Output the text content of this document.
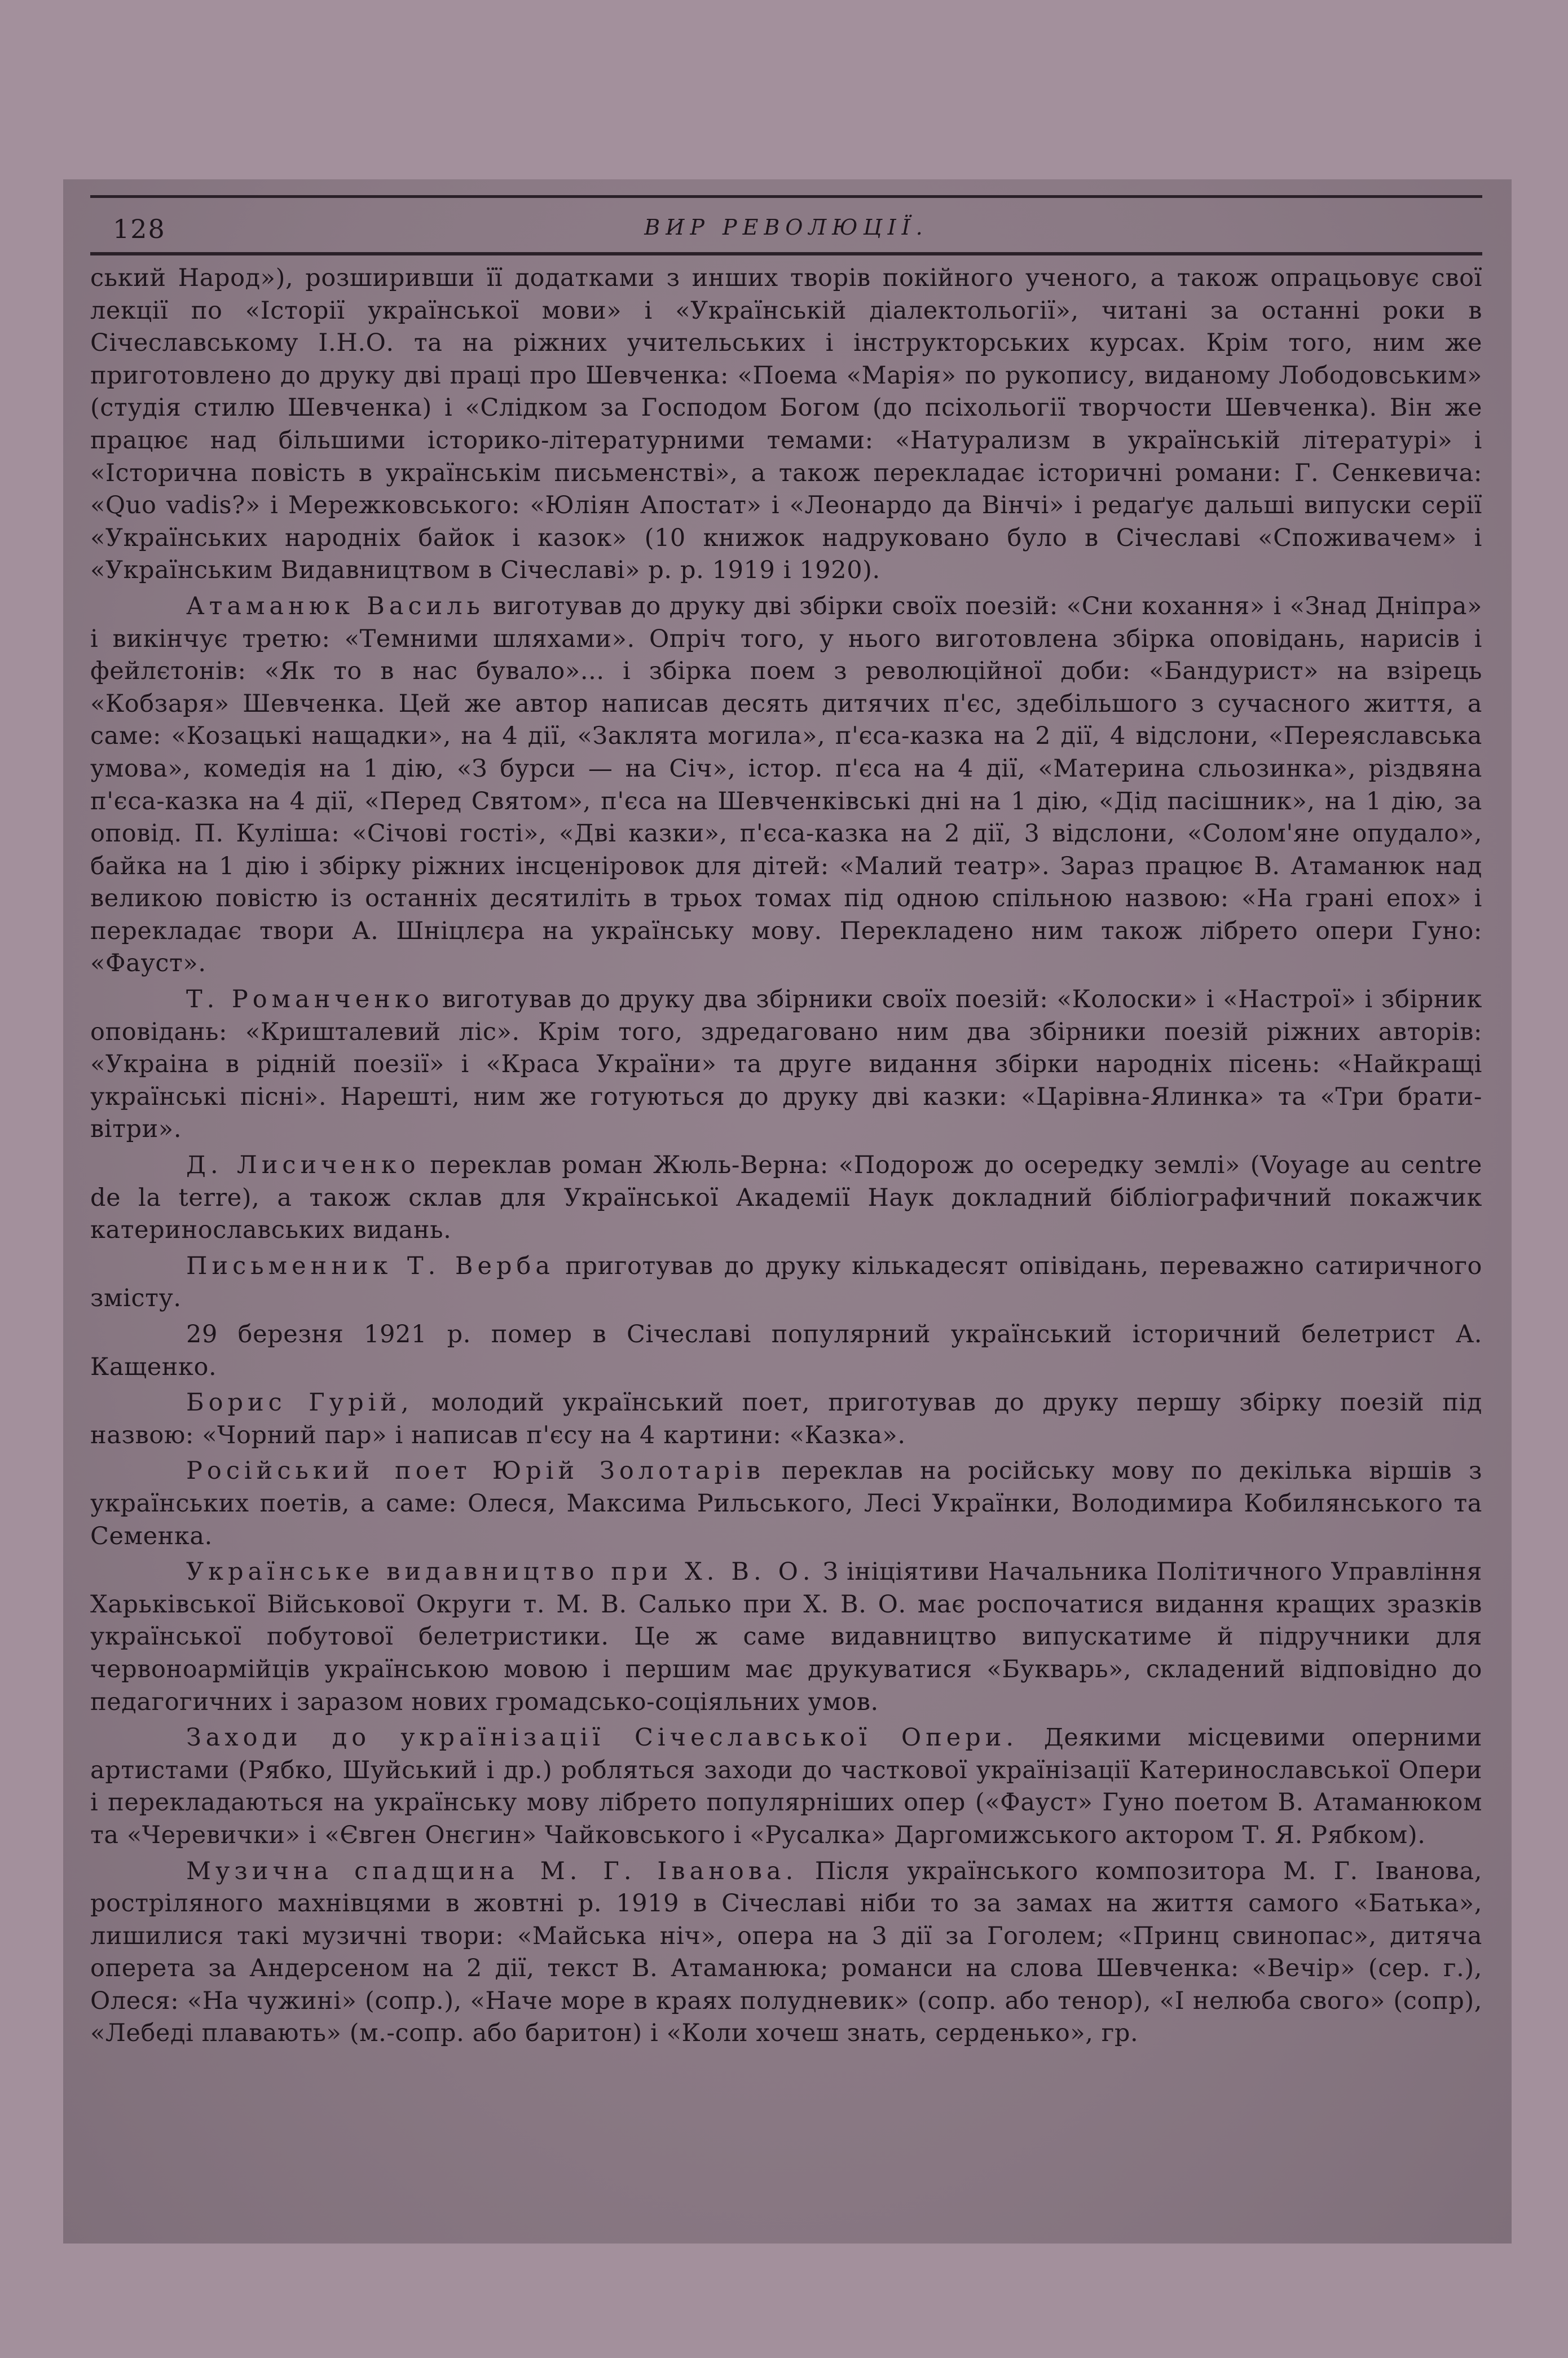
128	ВИР РЕВОЛЮЦІЇ.

ський Народ»), розширивши її додатками з инших творів покійного ученого, а також опрацьовує свої лекції по «Історії української мови» і «Українській діалектольогії», читані за останні роки в Січеславському І.Н.О. та на ріжних учительських і інструкторських курсах. Крім того, ним же приготовлено до друку дві праці про Шевченка: «Поема «Марія» по рукопису, виданому Лободовським» (студія стилю Шевченка) і «Слідком за Господом Богом (до псіхольогії творчости Шевченка). Він же працює над більшими історико-літературними темами: «Натурализм в українській літературі» і «Історична повість в українськім письменстві», а також перекладає історичні романи: Г. Сенкевича: «Quo vadis?» і Мережковського: «Юліян Апостат» і «Леонардо да Вінчі» і редаґує дальші випуски серії «Українських народніх байок і казок» (10 книжок надруковано було в Січеславі «Споживачем» і «Українським Видавництвом в Січеславі» р. р. 1919 і 1920).

Атаманюк Василь виготував до друку дві збірки своїх поезій: «Сни кохання» і «Знад Дніпра» і викінчує третю: «Темними шляхами». Опріч того, у нього виготовлена збірка оповідань, нарисів і фейлєтонів: «Як то в нас бувало»... і збірка поем з революційної доби: «Бандурист» на взірець «Кобзаря» Шевченка. Цей же автор написав десять дитячих п'єс, здебільшого з сучасного життя, а саме: «Козацькі нащадки», на 4 дії, «Заклята могила», п'єса-казка на 2 дії, 4 відслони, «Переяславська умова», комедія на 1 дію, «З бурси — на Січ», істор. п'єса на 4 дії, «Материна сльозинка», різдвяна п'єса-казка на 4 дії, «Перед Святом», п'єса на Шевченківські дні на 1 дію, «Дід пасішник», на 1 дію, за оповід. П. Куліша: «Січові гості», «Дві казки», п'єса-казка на 2 дії, 3 відслони, «Солом'яне опудало», байка на 1 дію і збірку ріжних інсценіровок для дітей: «Малий театр». Зараз працює В. Атаманюк над великою повістю із останніх десятиліть в трьох томах під одною спільною назвою: «На грані епох» і перекладає твори А. Шніцлєра на українську мову. Перекладено ним також лібрето опери Гуно: «Фауст».

Т. Романченко виготував до друку два збірники своїх поезій: «Колоски» і «Настрої» і збірник оповідань: «Кришталевий ліс». Крім того, здредаговано ним два збірники поезій ріжних авторів: «Украіна в рідній поезії» і «Краса України» та друге видання збірки народніх пісень: «Найкращі українські пісні». Нарешті, ним же готуються до друку дві казки: «Царівна-Ялинка» та «Три брати-вітри».

Д. Лисиченко переклав роман Жюль-Верна: «Подорож до осередку землі» (Voyage au centre de la terre), а також склав для Української Академії Наук докладний бібліографичний покажчик катеринославських видань.

Письменник Т. Верба приготував до друку кількадесят опівідань, переважно сатиричного змісту.

29 березня 1921 р. помер в Січеславі популярний український історичний белетрист А. Кащенко.

Борис Гурій, молодий український поет, приготував до друку першу збірку поезій під назвою: «Чорний пар» і написав п'єсу на 4 картини: «Казка».

Російський поет Юрій Золотарів переклав на російську мову по декілька віршів з українських поетів, а саме: Олеся, Максима Рильського, Лесі Українки, Володимира Кобилянського та Семенка.

Українське видавництво при Х. В. О. З ініціятиви Начальника Політичного Управління Харьківської Військової Округи т. М. В. Салько при Х. В. О. має роспочатися видання кращих зразків української побутової белетристики. Це ж саме видавництво випускатиме й підручники для червоноармійців українською мовою і першим має друкуватися «Букварь», складений відповідно до педагогичних і заразом нових громадсько-соціяльних умов.

Заходи до українізації Січеславської Опери. Деякими місцевими оперними артистами (Рябко, Шуйський і др.) робляться заходи до часткової українізації Катеринославської Опери і перекладаються на українську мову лібрето популярніших опер («Фауст» Гуно поетом В. Атаманюком та «Черевички» і «Євген Онєгин» Чайковського і «Русалка» Даргомижського актором Т. Я. Рябком).

Музична спадщина М. Г. Іванова. Після українського композитора М. Г. Іванова, ростріляного махнівцями в жовтні р. 1919 в Січеславі ніби то за замах на життя самого «Батька», лишилися такі музичні твори: «Майська ніч», опера на 3 дії за Гоголем; «Принц свинопас», дитяча оперета за Андерсеном на 2 дії, текст В. Атаманюка; романси на слова Шевченка: «Вечір» (сер. г.), Олеся: «На чужині» (сопр.), «Наче море в краях полудневик» (сопр. або тенор), «І нелюба свого» (сопр), «Лебеді плавають» (м.-сопр. або баритон) і «Коли хочеш знать, серденько», гр.
